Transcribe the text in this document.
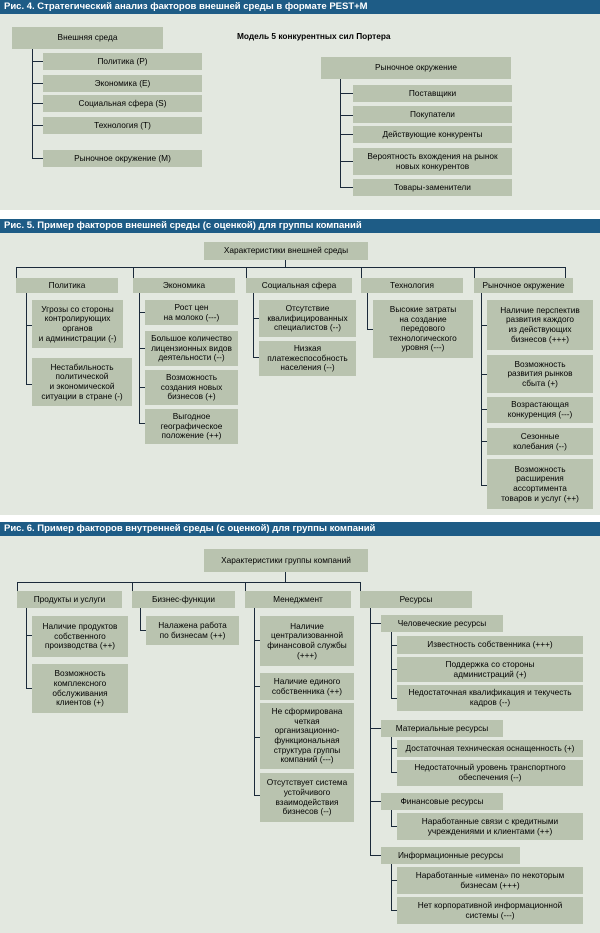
Рис. 4. Стратегический анализ факторов внешней среды в формате PEST+M
Внешняя среда
Политика (P)
Экономика (E)
Социальная сфера (S)
Технология (T)
Рыночное окружение (M)
Модель 5 конкурентных сил Портера
Рыночное окружение
Поставщики
Покупатели
Действующие конкуренты
Вероятность вхождения на рынок
новых конкурентов
Товары-заменители
Рис. 5. Пример факторов внешней среды (с оценкой) для группы компаний
Характеристики внешней среды
Политика	Экономика	Социальная сфера	Технология	Рыночное окружение
Угрозы со стороны
контролирующих
органов
и администрации (-)
Нестабильность
политической
и экономической
ситуации в стране (-)
Рост цен
на молоко (---)
Большое количество
лицензионных видов
деятельности (--)
Возможность
создания новых
бизнесов (+)
Выгодное
географическое
положение (++)
Отсутствие
квалифицированных
специалистов (--)
Низкая
платежеспособность
населения (--)
Высокие затраты
на создание
передового
технологического
уровня (---)
Наличие перспектив
развития каждого
из действующих
бизнесов (+++)
Возможность
развития рынков
сбыта (+)
Возрастающая
конкуренция (---)
Сезонные
колебания (--)
Возможность
расширения
ассортимента
товаров и услуг (++)
Рис. 6. Пример факторов внутренней среды (с оценкой) для группы компаний
Характеристики группы компаний
Продукты и услуги	Бизнес-функции	Менеджмент	Ресурсы
Наличие продуктов
собственного
производства (++)
Возможность
комплексного
обслуживания
клиентов (+)
Налажена работа
по бизнесам (++)
Наличие
централизованной
финансовой службы
(+++)
Наличие единого
собственника (++)
Не сформирована
четкая
организационно-
функциональная
структура группы
компаний (---)
Отсутствует система
устойчивого
взаимодействия
бизнесов (--)
Человеческие ресурсы
Известность собственника (+++)
Поддержка со стороны
администраций (+)
Недостаточная квалификация и текучесть
кадров (--)
Материальные ресурсы
Достаточная техническая оснащенность (+)
Недостаточный уровень транспортного
обеспечения (--)
Финансовые ресурсы
Наработанные связи с кредитными
учреждениями и клиентами (++)
Информационные ресурсы
Наработанные «имена» по некоторым
бизнесам (+++)
Нет корпоративной информационной
системы (---)
